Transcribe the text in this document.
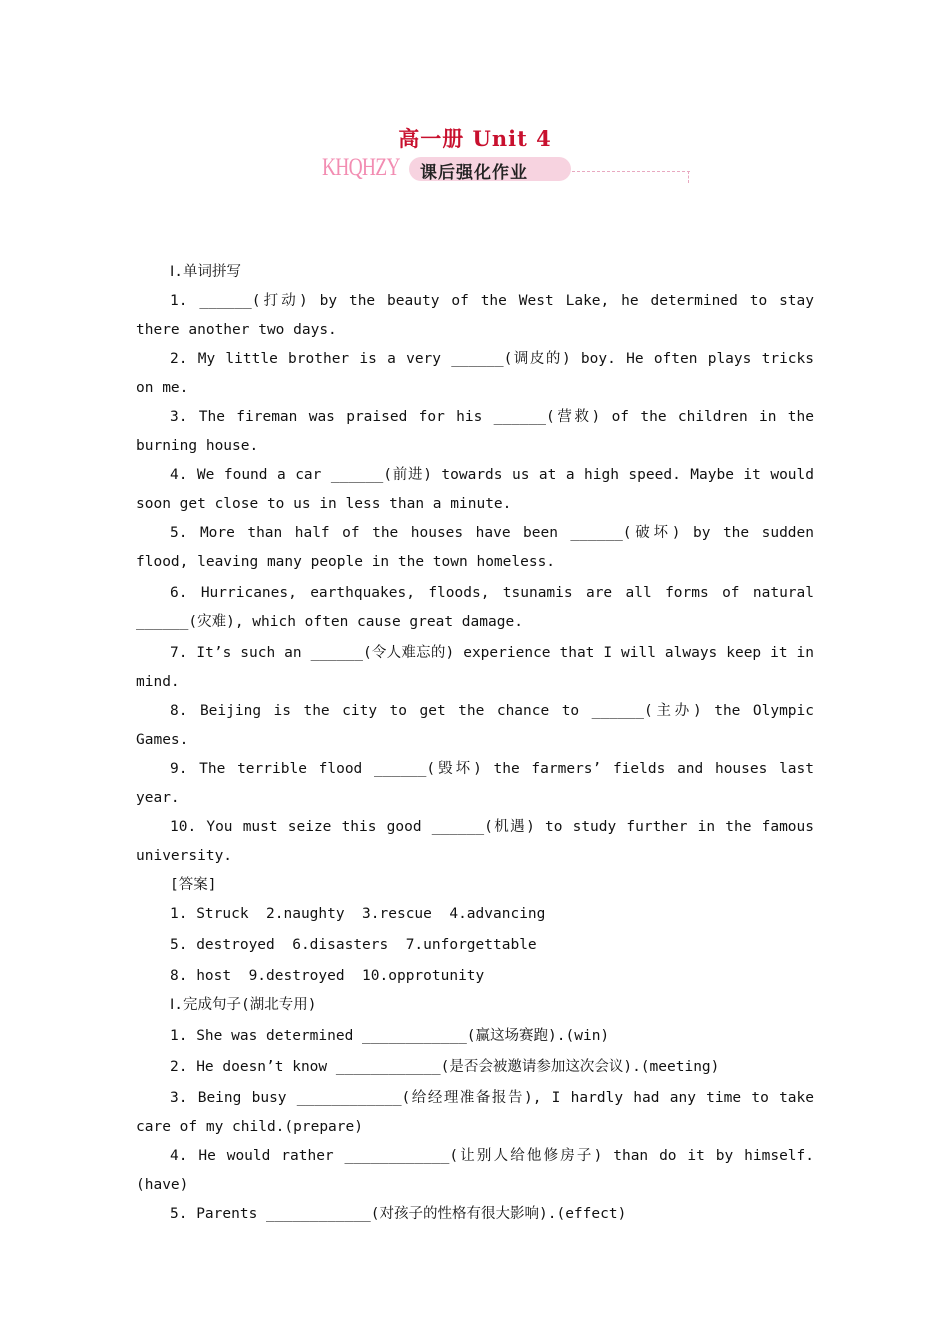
高一册 Unit 4
KHQHZY 课后强化作业
Ⅰ.单词拼写

1. ______(打动) by the beauty of the West Lake, he determined to stay there another two days.

2. My little brother is a very ______(调皮的) boy. He often plays tricks on me.

3. The fireman was praised for his ______(营救) of the children in the burning house.

4. We found a car ______(前进) towards us at a high speed. Maybe it would soon get close to us in less than a minute.

5. More than half of the houses have been ______(破坏) by the sudden flood, leaving many people in the town homeless.

6. Hurricanes, earthquakes, floods, tsunamis are all forms of natural ______(灾难), which often cause great damage.

7. It’s such an ______(令人难忘的) experience that I will always keep it in mind.

8. Beijing is the city to get the chance to ______(主办) the Olympic Games.

9. The terrible flood ______(毁坏) the farmers’ fields and houses last year.

10. You must seize this good ______(机遇) to study further in the famous university.

[答案]
1. Struck  2.naughty  3.rescue  4.advancing
5. destroyed  6.disasters  7.unforgettable
8. host  9.destroyed  10.opprotunity
Ⅰ.完成句子(湖北专用)
1. She was determined ____________(赢这场赛跑).(win)
2. He doesn’t know ____________(是否会被邀请参加这次会议).(meeting)

3. Being busy ____________(给经理准备报告), I hardly had any time to take care of my child.(prepare)

4. He would rather ____________(让别人给他修房子) than do it by himself.(have)

5. Parents ____________(对孩子的性格有很大影响).(effect)
